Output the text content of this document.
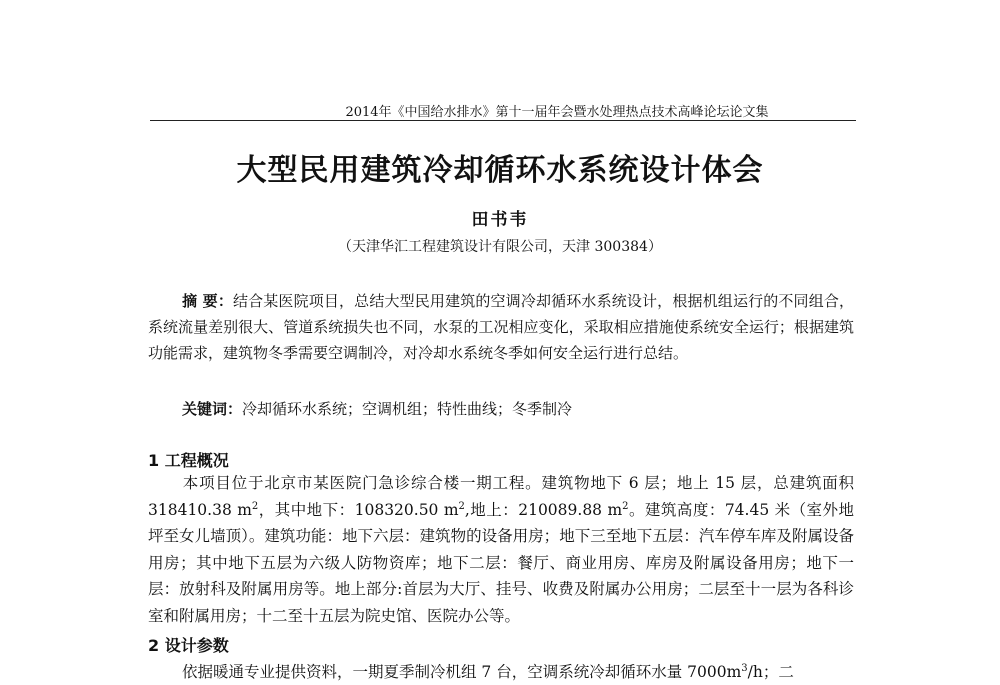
2014年《中国给水排水》第十一届年会暨水处理热点技术高峰论坛论文集
大型民用建筑冷却循环水系统设计体会
田书韦
（天津华汇工程建筑设计有限公司，天津 300384）
摘 要：结合某医院项目，总结大型民用建筑的空调冷却循环水系统设计，根据机组运行的不同组合，系统流量差别很大、管道系统损失也不同，水泵的工况相应变化，采取相应措施使系统安全运行；根据建筑功能需求，建筑物冬季需要空调制冷，对冷却水系统冬季如何安全运行进行总结。
关键词：冷却循环水系统；空调机组；特性曲线；冬季制冷
1 工程概况
本项目位于北京市某医院门急诊综合楼一期工程。建筑物地下 6 层；地上 15 层，总建筑面积 318410.38 $m^2$，其中地下：108320.50 $m^2$,地上：210089.88 $m^2$。建筑高度：74.45 米（室外地坪至女儿墙顶）。建筑功能：地下六层：建筑物的设备用房；地下三至地下五层：汽车停车库及附属设备用房；其中地下五层为六级人防物资库；地下二层：餐厅、商业用房、库房及附属设备用房；地下一层：放射科及附属用房等。地上部分:首层为大厅、挂号、收费及附属办公用房；二层至十一层为各科诊室和附属用房；十二至十五层为院史馆、医院办公等。
2 设计参数
依据暖通专业提供资料，一期夏季制冷机组 7 台，空调系统冷却循环水量 $7000m^3/h$；二
